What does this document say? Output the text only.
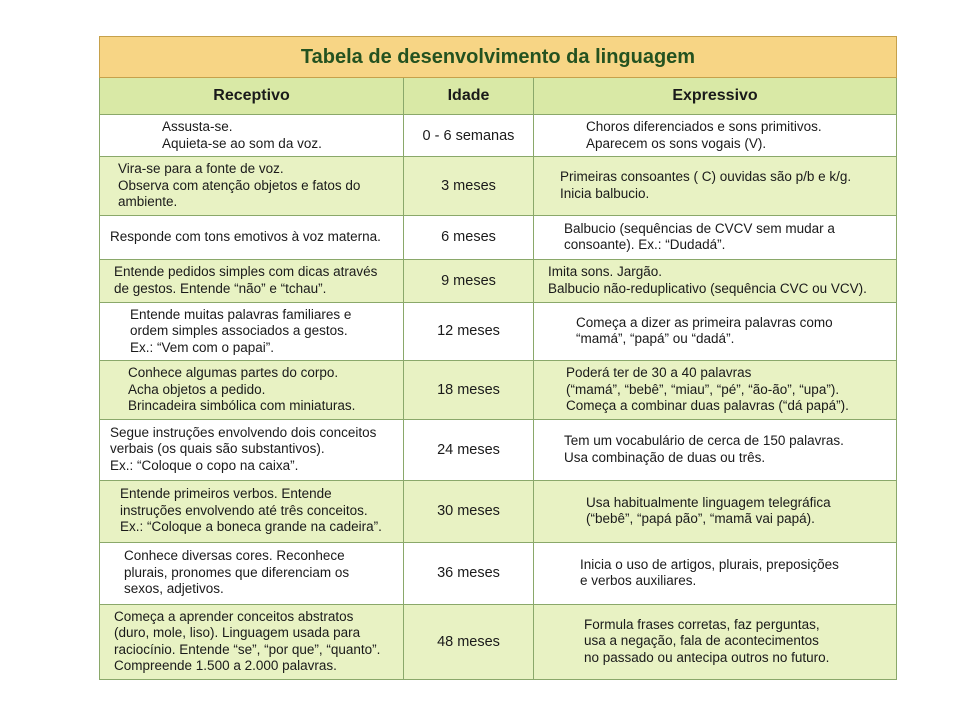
Tabela de desenvolvimento da linguagem		
Receptivo	Idade	Expressivo

Assusta-se.
Aquieta-se ao som da voz.	0 - 6 semanas	Choros diferenciados e sons primitivos.
Aparecem os sons vogais (V).

Vira-se para a fonte de voz.
Observa com atenção objetos e fatos do
ambiente.	3 meses	Primeiras consoantes ( C) ouvidas são p/b e k/g.
Inicia balbucio.

Responde com tons emotivos à voz materna.	6 meses	Balbucio (sequências de CVCV sem mudar a
consoante). Ex.: “Dudadá”.

Entende pedidos simples com dicas através
de gestos. Entende “não” e “tchau”.	9 meses	Imita sons. Jargão.
Balbucio não-reduplicativo (sequência CVC ou VCV).

Entende muitas palavras familiares e
ordem simples associados a gestos.
Ex.: “Vem com o papai”.	12 meses	Começa a dizer as primeira palavras como
“mamá”, “papá” ou “dadá”.

Conhece algumas partes do corpo.
Acha objetos a pedido.
Brincadeira simbólica com miniaturas.	18 meses	Poderá ter de 30 a 40 palavras
(“mamá”, “bebê”, “miau”, “pé”, “ão-ão”, “upa”).
Começa a combinar duas palavras (“dá papá”).

Segue instruções envolvendo dois conceitos
verbais (os quais são substantivos).
Ex.: “Coloque o copo na caixa”.	24 meses	Tem um vocabulário de cerca de 150 palavras.
Usa combinação de duas ou três.

Entende primeiros verbos. Entende
instruções envolvendo até três conceitos.
Ex.: “Coloque a boneca grande na cadeira”.	30 meses	Usa habitualmente linguagem telegráfica
(“bebê”, “papá pão”, “mamã vai papá).

Conhece diversas cores. Reconhece
plurais, pronomes que diferenciam os
sexos, adjetivos.	36 meses	Inicia o uso de artigos, plurais, preposições
e verbos auxiliares.

Começa a aprender conceitos abstratos
(duro, mole, liso). Linguagem usada para
raciocínio. Entende “se”, “por que”, “quanto”.
Compreende 1.500 a 2.000 palavras.	48 meses	Formula frases corretas, faz perguntas,
usa a negação, fala de acontecimentos
no passado ou antecipa outros no futuro.
